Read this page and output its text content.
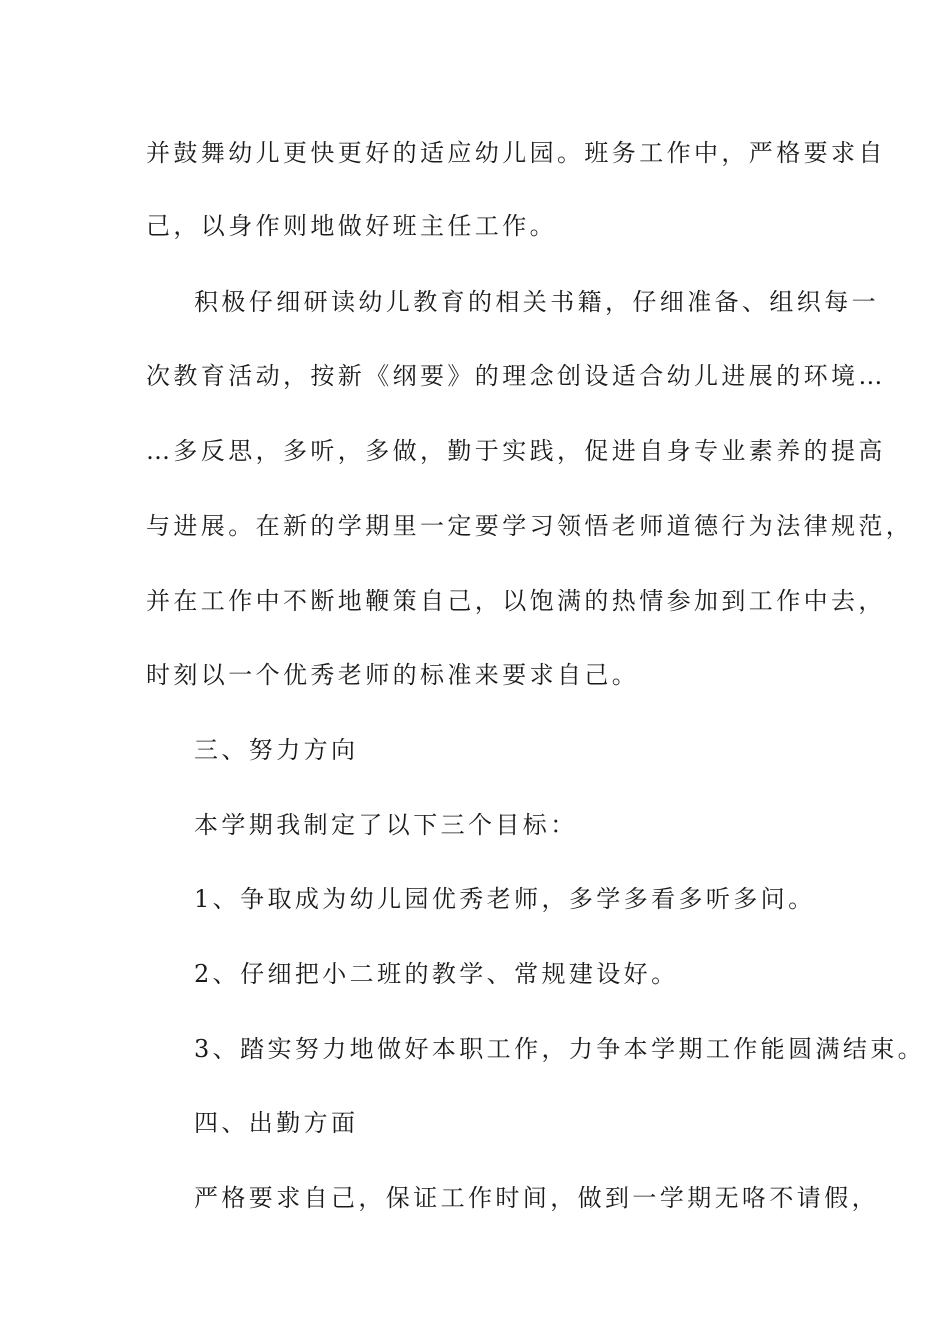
并鼓舞幼儿更快更好的适应幼儿园。班务工作中，严格要求自
己，以身作则地做好班主任工作。
积极仔细研读幼儿教育的相关书籍，仔细准备、组织每一
次教育活动，按新《纲要》的理念创设适合幼儿进展的环境…
…多反思，多听，多做，勤于实践，促进自身专业素养的提高
与进展。在新的学期里一定要学习领悟老师道德行为法律规范，
并在工作中不断地鞭策自己，以饱满的热情参加到工作中去，
时刻以一个优秀老师的标准来要求自己。
三、努力方向
本学期我制定了以下三个目标：
1、争取成为幼儿园优秀老师，多学多看多听多问。
2、仔细把小二班的教学、常规建设好。
3、踏实努力地做好本职工作，力争本学期工作能圆满结束。
四、出勤方面
严格要求自己，保证工作时间，做到一学期无咯不请假，
